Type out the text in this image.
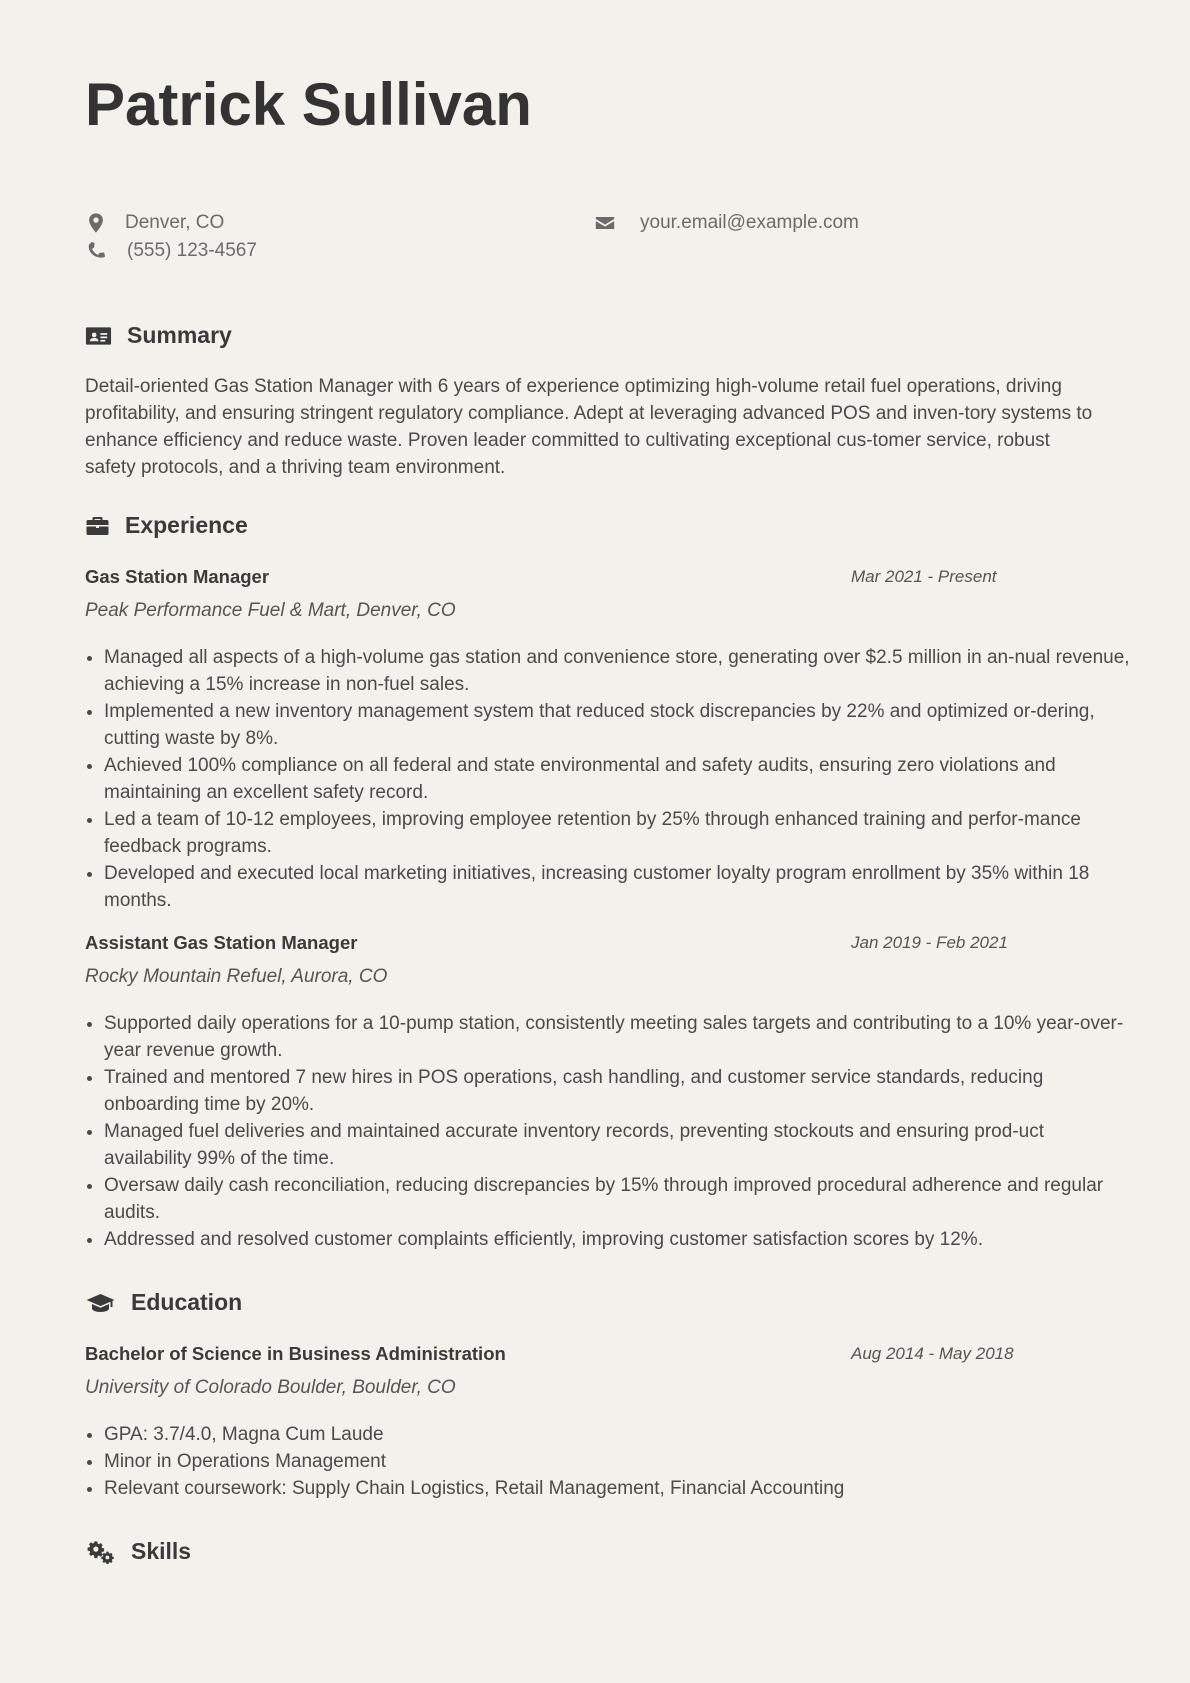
Patrick Sullivan
Denver, CO
(555) 123-4567
your.email@example.com
Summary

Detail-oriented Gas Station Manager with 6 years of experience optimizing high-volume retail fuel operations, driving profitability, and ensuring stringent regulatory compliance. Adept at leveraging advanced POS and inven-tory systems to enhance efficiency and reduce waste. Proven leader committed to cultivating exceptional cus-tomer service, robust safety protocols, and a thriving team environment.

Experience

Gas Station Manager	Mar 2021 - Present

Peak Performance Fuel & Mart, Denver, CO

• Managed all aspects of a high-volume gas station and convenience store, generating over $2.5 million in an-nual revenue, achieving a 15% increase in non-fuel sales.
• Implemented a new inventory management system that reduced stock discrepancies by 22% and optimized or-dering, cutting waste by 8%.
• Achieved 100% compliance on all federal and state environmental and safety audits, ensuring zero violations and maintaining an excellent safety record.
• Led a team of 10-12 employees, improving employee retention by 25% through enhanced training and perfor-mance feedback programs.
• Developed and executed local marketing initiatives, increasing customer loyalty program enrollment by 35% within 18 months.

Assistant Gas Station Manager	Jan 2019 - Feb 2021

Rocky Mountain Refuel, Aurora, CO

• Supported daily operations for a 10-pump station, consistently meeting sales targets and contributing to a 10% year-over-year revenue growth.
• Trained and mentored 7 new hires in POS operations, cash handling, and customer service standards, reducing onboarding time by 20%.
• Managed fuel deliveries and maintained accurate inventory records, preventing stockouts and ensuring prod-uct availability 99% of the time.
• Oversaw daily cash reconciliation, reducing discrepancies by 15% through improved procedural adherence and regular audits.
• Addressed and resolved customer complaints efficiently, improving customer satisfaction scores by 12%.
Education

Bachelor of Science in Business Administration	Aug 2014 - May 2018

University of Colorado Boulder, Boulder, CO

• GPA: 3.7/4.0, Magna Cum Laude
• Minor in Operations Management
• Relevant coursework: Supply Chain Logistics, Retail Management, Financial Accounting
Skills
